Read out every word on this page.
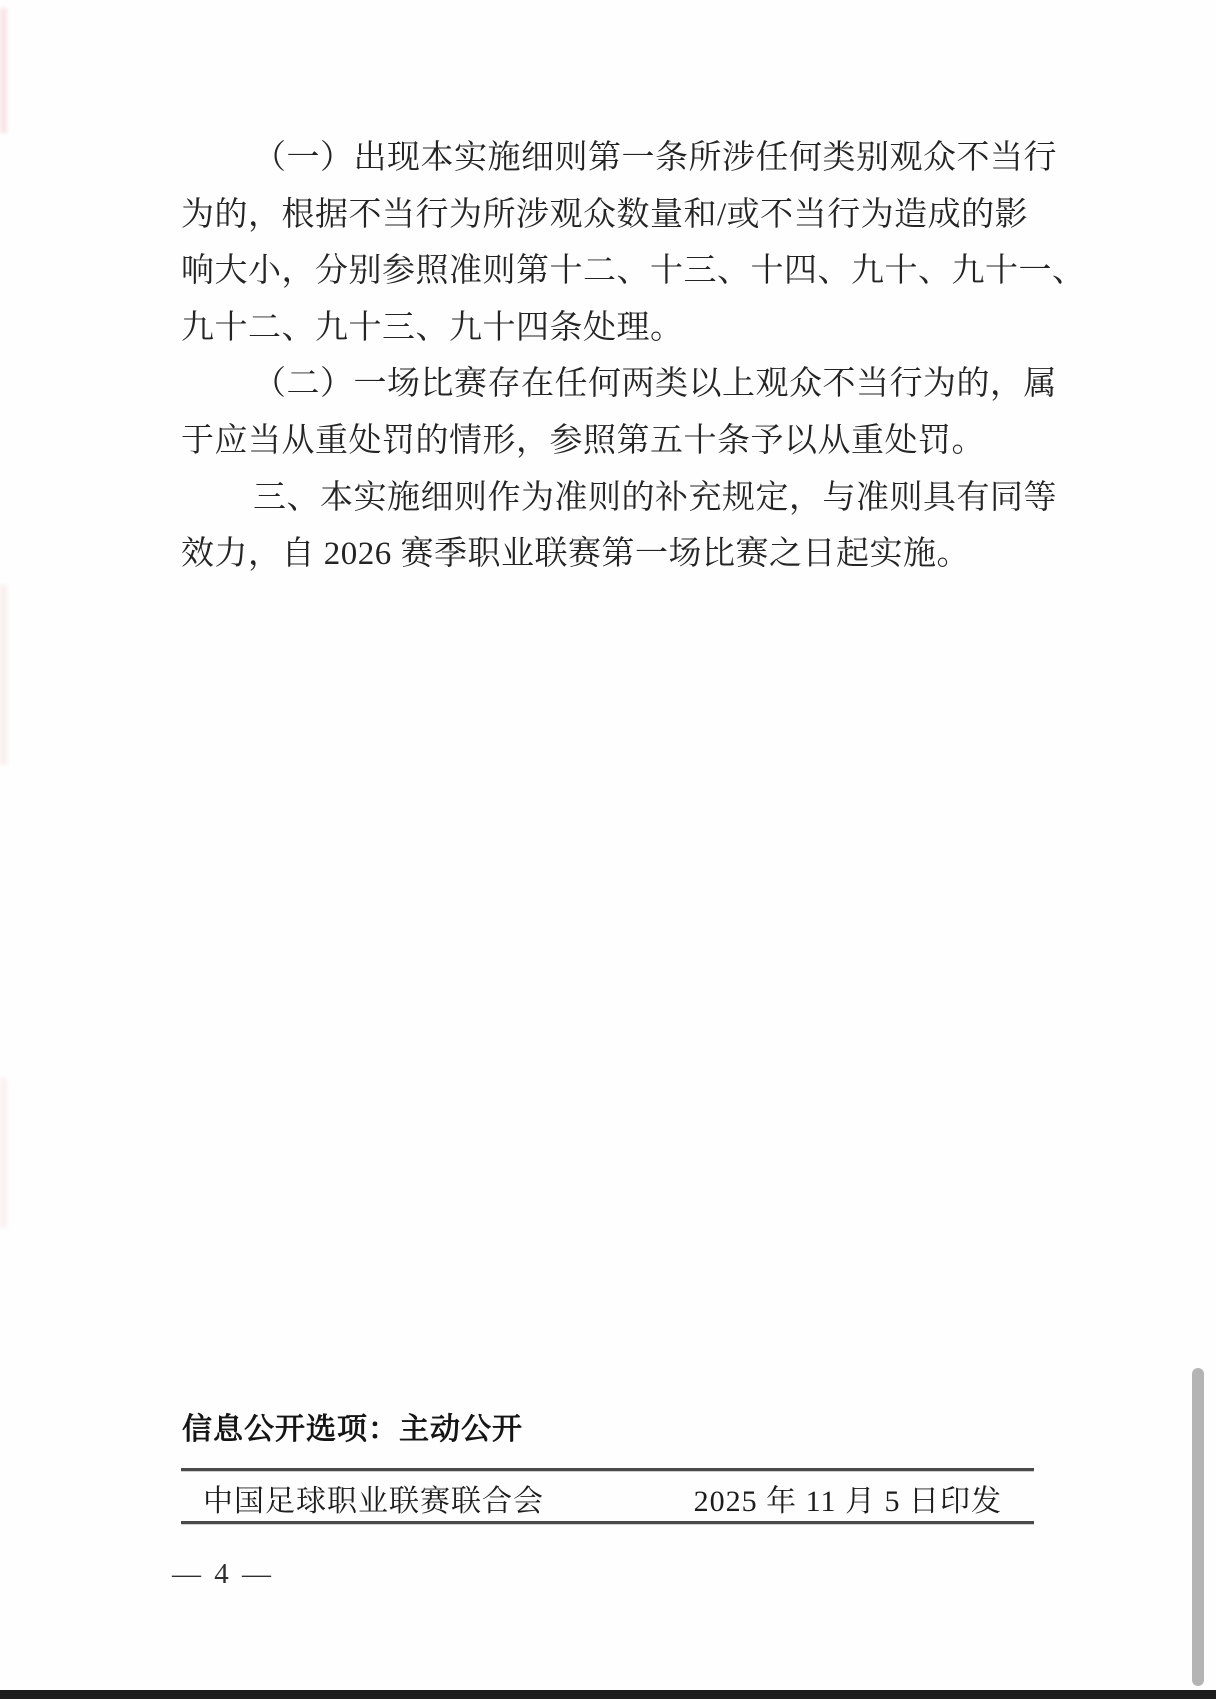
（一）出现本实施细则第一条所涉任何类别观众不当行
为的，根据不当行为所涉观众数量和/或不当行为造成的影
响大小，分别参照准则第十二、十三、十四、九十、九十一、
九十二、九十三、九十四条处理。
（二）一场比赛存在任何两类以上观众不当行为的，属
于应当从重处罚的情形，参照第五十条予以从重处罚。
三、本实施细则作为准则的补充规定，与准则具有同等
效力，自 2026 赛季职业联赛第一场比赛之日起实施。
信息公开选项：主动公开
中国足球职业联赛联合会	2025 年 11 月 5 日印发
— 4 —
